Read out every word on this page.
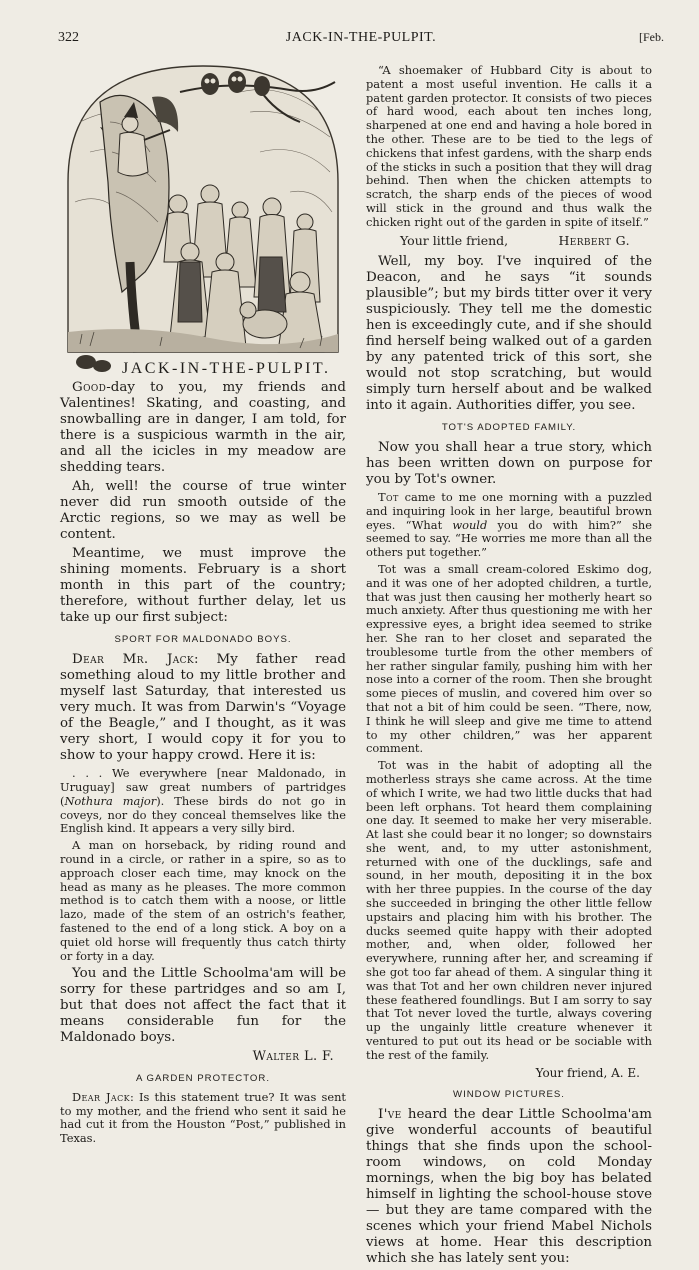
322	JACK-IN-THE-PULPIT.	[Feb.
JACK-IN-THE-PULPIT.

Good-day to you, my friends and Valentines! Skating, and coasting, and snowballing are in danger, I am told, for there is a suspicious warmth in the air, and all the icicles in my meadow are shedding tears.

Ah, well! the course of true winter never did run smooth outside of the Arctic regions, so we may as well be content.

Meantime, we must improve the shining moments. February is a short month in this part of the country; therefore, without further delay, let us take up our first subject:

SPORT FOR MALDONADO BOYS.

Dear Mr. Jack: My father read something aloud to my little brother and myself last Saturday, that interested us very much. It was from Darwin's “Voyage of the Beagle,” and I thought, as it was very short, I would copy it for you to show to your happy crowd. Here it is:

. . . We everywhere [near Maldonado, in Uruguay] saw great numbers of partridges (Nothura major). These birds do not go in coveys, nor do they conceal themselves like the English kind. It appears a very silly bird.

A man on horseback, by riding round and round in a circle, or rather in a spire, so as to approach closer each time, may knock on the head as many as he pleases. The more common method is to catch them with a noose, or little lazo, made of the stem of an ostrich's feather, fastened to the end of a long stick. A boy on a quiet old horse will frequently thus catch thirty or forty in a day.

You and the Little Schoolma'am will be sorry for these partridges and so am I, but that does not affect the fact that it means considerable fun for the Maldonado boys.

Walter L. F.
A GARDEN PROTECTOR.

Dear Jack: Is this statement true? It was sent to my mother, and the friend who sent it said he had cut it from the Houston “Post,” published in Texas.

“A shoemaker of Hubbard City is about to patent a most useful invention. He calls it a patent garden protector. It consists of two pieces of hard wood, each about ten inches long, sharpened at one end and having a hole bored in the other. These are to be tied to the legs of chickens that infest gardens, with the sharp ends of the sticks in such a position that they will drag behind. Then when the chicken attempts to scratch, the sharp ends of the pieces of wood will stick in the ground and thus walk the chicken right out of the garden in spite of itself.”

Your little friend,	Herbert G.

Well, my boy. I've inquired of the Deacon, and he says “it sounds plausible”; but my birds titter over it very suspiciously. They tell me the domestic hen is exceedingly cute, and if she should find herself being walked out of a garden by any patented trick of this sort, she would not stop scratching, but would simply turn herself about and be walked into it again. Authorities differ, you see.

TOT'S ADOPTED FAMILY.

Now you shall hear a true story, which has been written down on purpose for you by Tot's owner.

Tot came to me one morning with a puzzled and inquiring look in her large, beautiful brown eyes. “What would you do with him?” she seemed to say. “He worries me more than all the others put together.”

Tot was a small cream-colored Eskimo dog, and it was one of her adopted children, a turtle, that was just then causing her motherly heart so much anxiety. After thus questioning me with her expressive eyes, a bright idea seemed to strike her. She ran to her closet and separated the troublesome turtle from the other members of her rather singular family, pushing him with her nose into a corner of the room. Then she brought some pieces of muslin, and covered him over so that not a bit of him could be seen. “There, now, I think he will sleep and give me time to attend to my other children,” was her apparent comment.

Tot was in the habit of adopting all the motherless strays she came across. At the time of which I write, we had two little ducks that had been left orphans. Tot heard them complaining one day. It seemed to make her very miserable. At last she could bear it no longer; so downstairs she went, and, to my utter astonishment, returned with one of the ducklings, safe and sound, in her mouth, depositing it in the box with her three puppies. In the course of the day she succeeded in bringing the other little fellow upstairs and placing him with his brother. The ducks seemed quite happy with their adopted mother, and, when older, followed her everywhere, running after her, and screaming if she got too far ahead of them. A singular thing it was that Tot and her own children never injured these feathered foundlings. But I am sorry to say that Tot never loved the turtle, always covering up the ungainly little creature whenever it ventured to put out its head or be sociable with the rest of the family.

Your friend, A. E.
WINDOW PICTURES.

I've heard the dear Little Schoolma'am give wonderful accounts of beautiful things that she finds upon the school-room windows, on cold Monday mornings, when the big boy has belated himself in lighting the school-house stove — but they are tame compared with the scenes which your friend Mabel Nichols views at home. Hear this description which she has lately sent you:
